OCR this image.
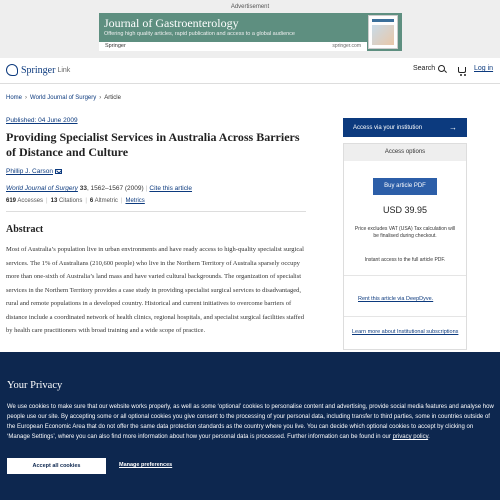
Advertisement
Journal of Gastroenterology
Offering high quality articles, rapid publication and access to a global audience
Springer	springer.com
Springer Link	Search	Log in
Home › World Journal of Surgery › Article
Published: 04 June 2009
Providing Specialist Services in Australia Across Barriers of Distance and Culture
Phillip J. Carson
World Journal of Surgery 33, 1562–1567 (2009) | Cite this article
619 Accesses | 13 Citations | 6 Altmetric | Metrics
Abstract

Most of Australia’s population live in urban environments and have ready access to high-quality specialist surgical services. The 1% of Australians (210,600 people) who live in the Northern Territory of Australia sparsely occupy more than one-sixth of Australia’s land mass and have varied cultural backgrounds. The organization of specialist services in the Northern Territory provides a case study in providing specialist surgical services to disadvantaged, rural and remote populations in a developed country. Historical and current initiatives to overcome barriers of distance include a coordinated network of health clinics, regional hospitals, and specialist surgical facilities staffed by health care practitioners with broad training and a wide scope of practice.

Access via your institution	→
Access options
Buy article PDF
USD 39.95
Price excludes VAT (USA) Tax calculation will be finalised during checkout.
Instant access to the full article PDF.
Rent this article via DeepDyve.
Learn more about Institutional subscriptions
Your Privacy

We use cookies to make sure that our website works properly, as well as some ‘optional’ cookies to personalise content and advertising, provide social media features and analyse how people use our site. By accepting some or all optional cookies you give consent to the processing of your personal data, including transfer to third parties, some in countries outside of the European Economic Area that do not offer the same data protection standards as the country where you live. You can decide which optional cookies to accept by clicking on ‘Manage Settings’, where you can also find more information about how your personal data is processed. Further information can be found in our privacy policy.

Accept all cookies	Manage preferences
